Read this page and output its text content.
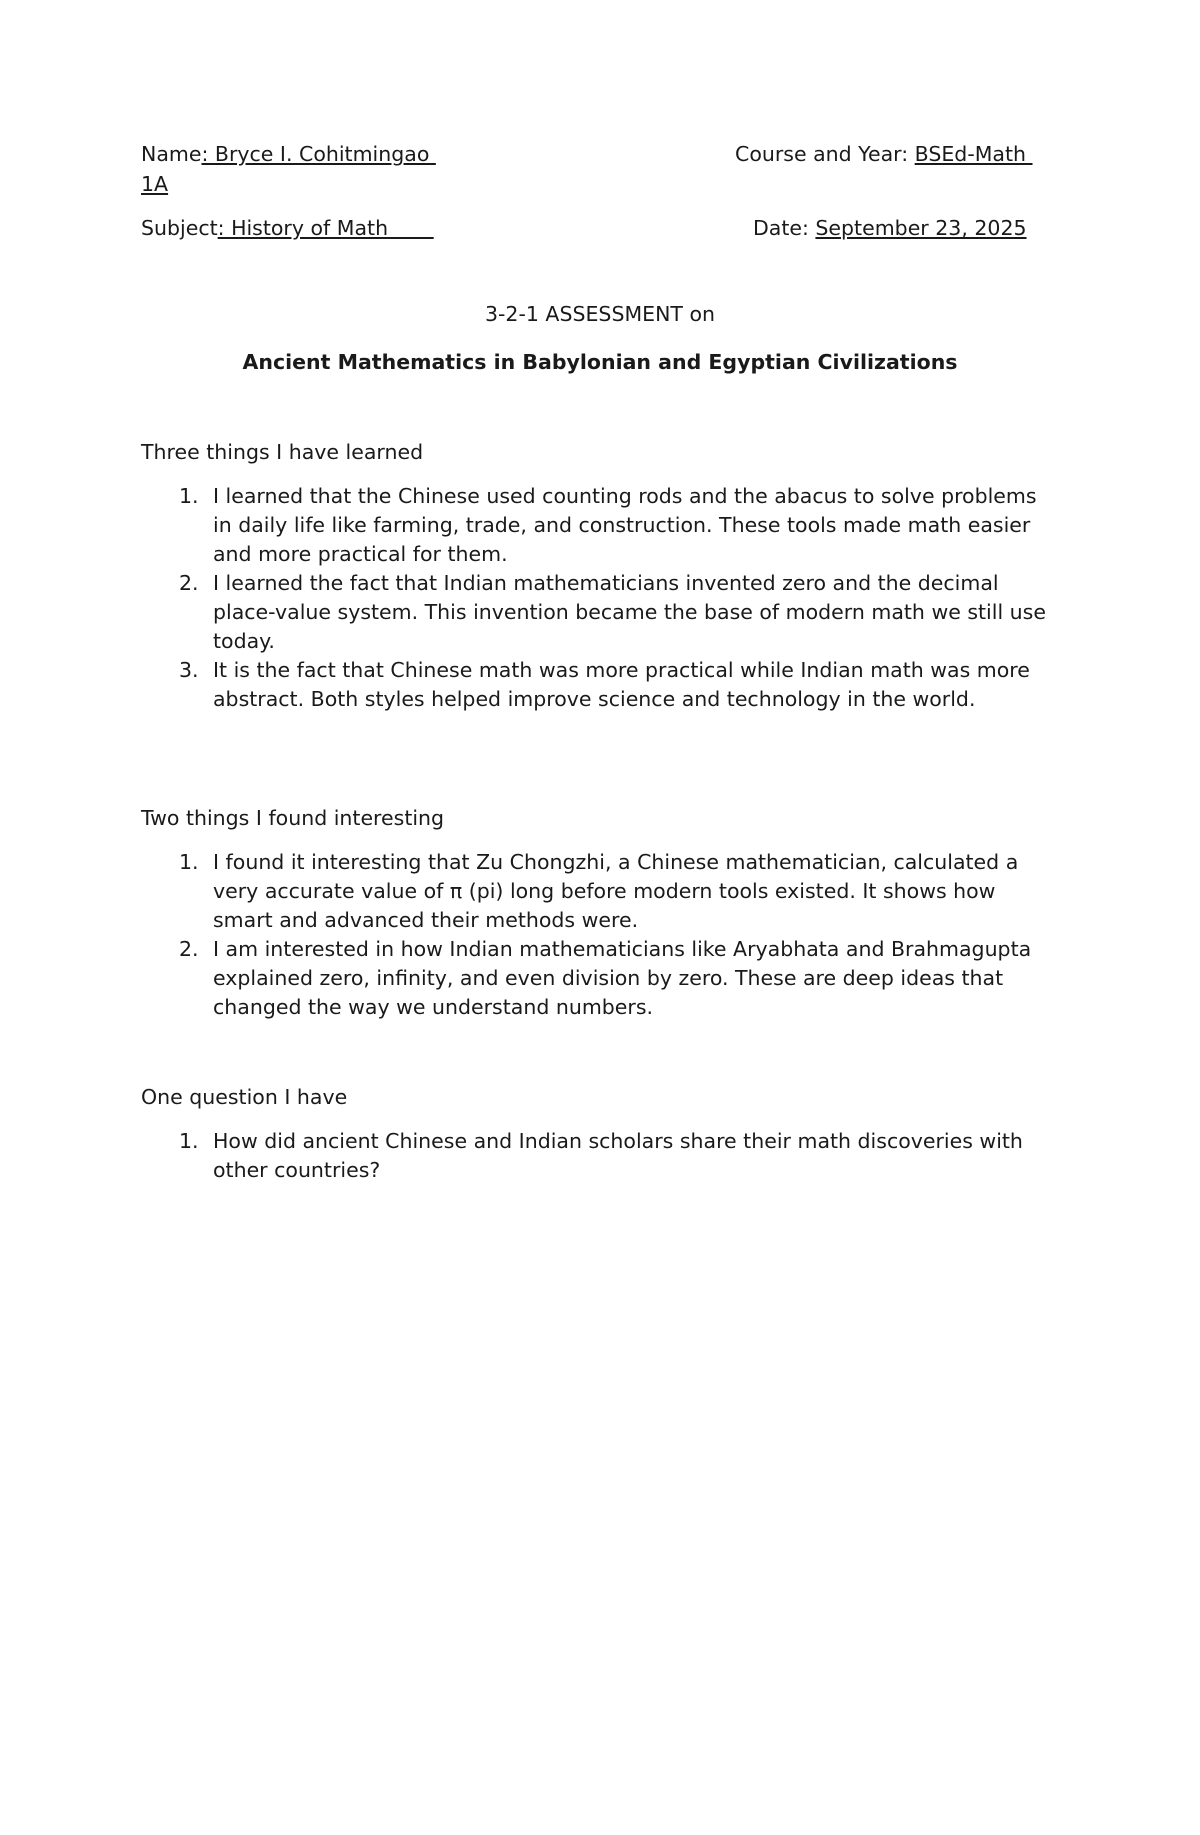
Name: Bryce I. Cohitmingao	Course and Year: BSEd-Math
1A
Subject: History of Math	Date: September 23, 2025
3-2-1 ASSESSMENT on
Ancient Mathematics in Babylonian and Egyptian Civilizations
Three things I have learned
1. I learned that the Chinese used counting rods and the abacus to solve problems in daily life like farming, trade, and construction. These tools made math easier and more practical for them.
2. I learned the fact that Indian mathematicians invented zero and the decimal place-value system. This invention became the base of modern math we still use today.
3. It is the fact that Chinese math was more practical while Indian math was more abstract. Both styles helped improve science and technology in the world.
Two things I found interesting
1. I found it interesting that Zu Chongzhi, a Chinese mathematician, calculated a very accurate value of π (pi) long before modern tools existed. It shows how smart and advanced their methods were.
2. I am interested in how Indian mathematicians like Aryabhata and Brahmagupta explained zero, infinity, and even division by zero. These are deep ideas that changed the way we understand numbers.
One question I have
1. How did ancient Chinese and Indian scholars share their math discoveries with other countries?
